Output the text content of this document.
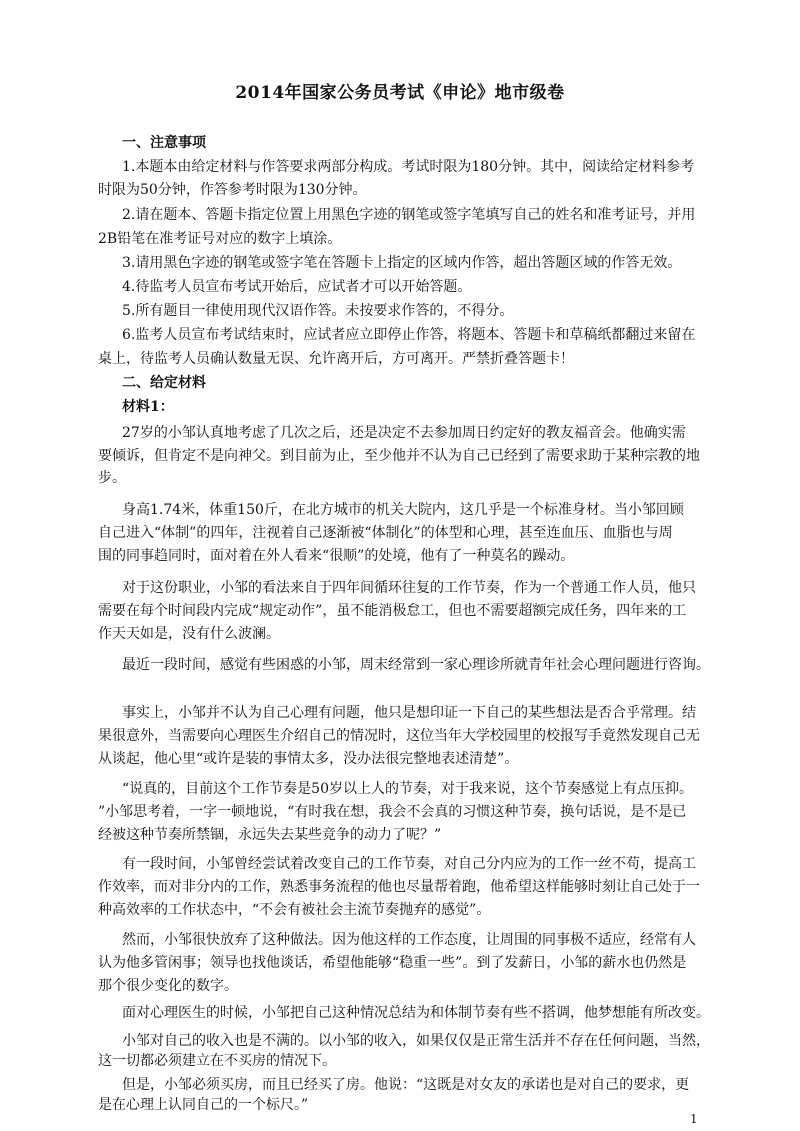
2014年国家公务员考试《申论》地市级卷
一、注意事项
1.本题本由给定材料与作答要求两部分构成。考试时限为180分钟。其中，阅读给定材料参考
时限为50分钟，作答参考时限为130分钟。
2.请在题本、答题卡指定位置上用黑色字迹的钢笔或签字笔填写自己的姓名和准考证号，并用
2B铅笔在准考证号对应的数字上填涂。
3.请用黑色字迹的钢笔或签字笔在答题卡上指定的区域内作答，超出答题区域的作答无效。
4.待监考人员宣布考试开始后，应试者才可以开始答题。
5.所有题目一律使用现代汉语作答。未按要求作答的，不得分。
6.监考人员宣布考试结束时，应试者应立即停止作答，将题本、答题卡和草稿纸都翻过来留在
桌上，待监考人员确认数量无误、允许离开后，方可离开。严禁折叠答题卡！
二、给定材料
材料1：
27岁的小邹认真地考虑了几次之后，还是决定不去参加周日约定好的教友福音会。他确实需
要倾诉，但肯定不是向神父。到目前为止，至少他并不认为自己已经到了需要求助于某种宗教的地
步。
身高1.74米，体重150斤，在北方城市的机关大院内，这几乎是一个标准身材。当小邹回顾
自己进入“体制”的四年，注视着自己逐渐被“体制化”的体型和心理，甚至连血压、血脂也与周
围的同事趋同时，面对着在外人看来“很顺”的处境，他有了一种莫名的躁动。
对于这份职业，小邹的看法来自于四年间循环往复的工作节奏，作为一个普通工作人员，他只
需要在每个时间段内完成“规定动作”，虽不能消极怠工，但也不需要超额完成任务，四年来的工
作天天如是，没有什么波澜。
最近一段时间，感觉有些困惑的小邹，周末经常到一家心理诊所就青年社会心理问题进行咨询。
事实上，小邹并不认为自己心理有问题，他只是想印证一下自己的某些想法是否合乎常理。结
果很意外，当需要向心理医生介绍自己的情况时，这位当年大学校园里的校报写手竟然发现自己无
从谈起，他心里“或许是装的事情太多，没办法很完整地表述清楚”。
“说真的，目前这个工作节奏是50岁以上人的节奏，对于我来说，这个节奏感觉上有点压抑。
”小邹思考着，一字一顿地说，“有时我在想，我会不会真的习惯这种节奏，换句话说，是不是已
经被这种节奏所禁锢，永远失去某些竞争的动力了呢？”
有一段时间，小邹曾经尝试着改变自己的工作节奏，对自己分内应为的工作一丝不苟，提高工
作效率，而对非分内的工作，熟悉事务流程的他也尽量帮着跑，他希望这样能够时刻让自己处于一
种高效率的工作状态中，“不会有被社会主流节奏抛弃的感觉”。
然而，小邹很快放弃了这种做法。因为他这样的工作态度，让周围的同事极不适应，经常有人
认为他多管闲事；领导也找他谈话，希望他能够“稳重一些”。到了发薪日，小邹的薪水也仍然是
那个很少变化的数字。
面对心理医生的时候，小邹把自己这种情况总结为和体制节奏有些不搭调，他梦想能有所改变。
小邹对自己的收入也是不满的。以小邹的收入，如果仅仅是正常生活并不存在任何问题，当然，
这一切都必须建立在不买房的情况下。
但是，小邹必须买房，而且已经买了房。他说：“这既是对女友的承诺也是对自己的要求，更
是在心理上认同自己的一个标尺。”
1
